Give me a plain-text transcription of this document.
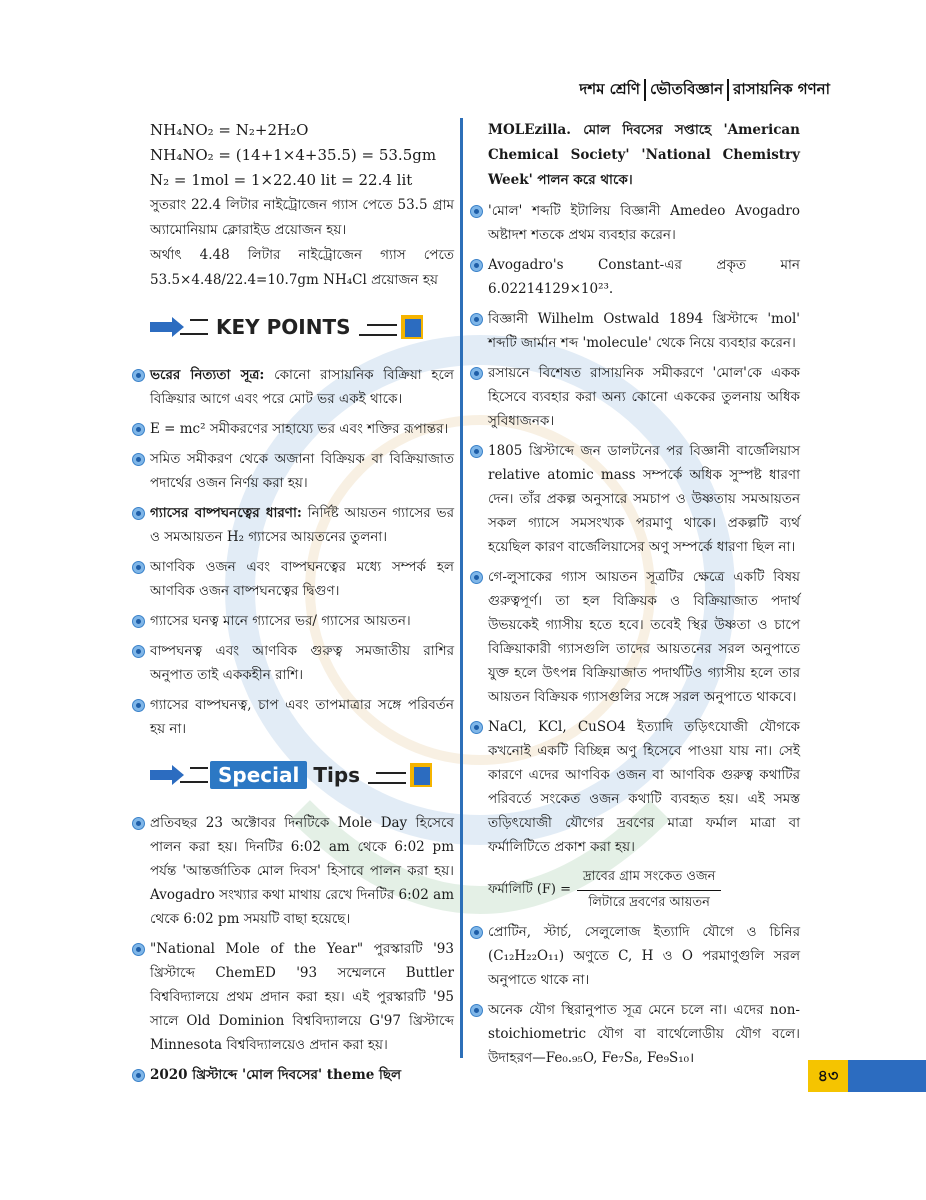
দশম শ্রেণি ভৌতবিজ্ঞান রাসায়নিক গণনা
NH₄NO₂ = N₂+2H₂O
NH₄NO₂ = (14+1×4+35.5) = 53.5gm
N₂ = 1mol = 1×22.40 lit = 22.4 lit
সুতরাং 22.4 লিটার নাইট্রোজেন গ্যাস পেতে 53.5 গ্রাম অ্যামোনিয়াম ক্লোরাইড প্রয়োজন হয়।
অর্থাৎ 4.48 লিটার নাইট্রোজেন গ্যাস পেতে 53.5×4.48/22.4=10.7gm NH₄Cl প্রয়োজন হয়
KEY POINTS
ভরের নিত্যতা সূত্র: কোনো রাসায়নিক বিক্রিয়া হলে বিক্রিয়ার আগে এবং পরে মোট ভর একই থাকে।
E = mc² সমীকরণের সাহায্যে ভর এবং শক্তির রূপান্তর।
সমিত সমীকরণ থেকে অজানা বিক্রিয়ক বা বিক্রিয়াজাত পদার্থের ওজন নির্ণয় করা হয়।
গ্যাসের বাষ্পঘনত্বের ধারণা: নির্দিষ্ট আয়তন গ্যাসের ভর ও সমআয়তন H₂ গ্যাসের আয়তনের তুলনা।
আণবিক ওজন এবং বাষ্পঘনত্বের মধ্যে সম্পর্ক হল আণবিক ওজন বাষ্পঘনত্বের দ্বিগুণ।
গ্যাসের ঘনত্ব মানে গ্যাসের ভর/ গ্যাসের আয়তন।
বাষ্পঘনত্ব এবং আণবিক গুরুত্ব সমজাতীয় রাশির অনুপাত তাই এককহীন রাশি।
গ্যাসের বাষ্পঘনত্ব, চাপ এবং তাপমাত্রার সঙ্গে পরিবর্তন হয় না।
Special Tips
প্রতিবছর 23 অক্টোবর দিনটিকে Mole Day হিসেবে পালন করা হয়। দিনটির 6:02 am থেকে 6:02 pm পর্যন্ত 'আন্তর্জাতিক মোল দিবস' হিসাবে পালন করা হয়। Avogadro সংখ্যার কথা মাথায় রেখে দিনটির 6:02 am থেকে 6:02 pm সময়টি বাছা হয়েছে।
"National Mole of the Year" পুরস্কারটি '93 খ্রিস্টাব্দে ChemED '93 সম্মেলনে Buttler বিশ্ববিদ্যালয়ে প্রথম প্রদান করা হয়। এই পুরস্কারটি '95 সালে Old Dominion বিশ্ববিদ্যালয়ে G'97 খ্রিস্টাব্দে Minnesota বিশ্ববিদ্যালয়েও প্রদান করা হয়।
2020 খ্রিস্টাব্দে 'মোল দিবসের' theme ছিল
MOLEzilla. মোল দিবসের সপ্তাহে 'American Chemical Society' 'National Chemistry Week' পালন করে থাকে।
'মোল' শব্দটি ইটালিয় বিজ্ঞানী Amedeo Avogadro অষ্টাদশ শতকে প্রথম ব্যবহার করেন।
Avogadro's Constant-এর প্রকৃত মান 6.02214129×10²³.
বিজ্ঞানী Wilhelm Ostwald 1894 খ্রিস্টাব্দে 'mol' শব্দটি জার্মান শব্দ 'molecule' থেকে নিয়ে ব্যবহার করেন।
রসায়নে বিশেষত রাসায়নিক সমীকরণে 'মোল'কে একক হিসেবে ব্যবহার করা অন্য কোনো এককের তুলনায় অধিক সুবিধাজনক।
1805 খ্রিস্টাব্দে জন ডালটনের পর বিজ্ঞানী বার্জেলিয়াস relative atomic mass সম্পর্কে অধিক সুস্পষ্ট ধারণা দেন। তাঁর প্রকল্প অনুসারে সমচাপ ও উষ্ণতায় সমআয়তন সকল গ্যাসে সমসংখ্যক পরমাণু থাকে। প্রকল্পটি ব্যর্থ হয়েছিল কারণ বার্জেলিয়াসের অণু সম্পর্কে ধারণা ছিল না।
গে-লুসাকের গ্যাস আয়তন সূত্রটির ক্ষেত্রে একটি বিষয় গুরুত্বপূর্ণ। তা হল বিক্রিয়ক ও বিক্রিয়াজাত পদার্থ উভয়কেই গ্যাসীয় হতে হবে। তবেই স্থির উষ্ণতা ও চাপে বিক্রিয়াকারী গ্যাসগুলি তাদের আয়তনের সরল অনুপাতে যুক্ত হলে উৎপন্ন বিক্রিয়াজাত পদার্থটিও গ্যাসীয় হলে তার আয়তন বিক্রিয়ক গ্যাসগুলির সঙ্গে সরল অনুপাতে থাকবে।
NaCl, KCl, CuSO4 ইত্যাদি তড়িৎযোজী যৌগকে কখনোই একটি বিচ্ছিন্ন অণু হিসেবে পাওয়া যায় না। সেই কারণে এদের আণবিক ওজন বা আণবিক গুরুত্ব কথাটির পরিবর্তে সংকেত ওজন কথাটি ব্যবহৃত হয়। এই সমস্ত তড়িৎযোজী যৌগের দ্রবণের মাত্রা ফর্মাল মাত্রা বা ফর্মালিটিতে প্রকাশ করা হয়।
ফর্মালিটি $(F) = \frac{\text{দ্রাবের গ্রাম সংকেত ওজন}}{\text{লিটারে দ্রবণের আয়তন}}$
প্রোটিন, স্টার্চ, সেলুলোজ ইত্যাদি যৌগে ও চিনির (C₁₂H₂₂O₁₁) অণুতে C, H ও O পরমাণুগুলি সরল অনুপাতে থাকে না।
অনেক যৌগ স্থিরানুপাত সূত্র মেনে চলে না। এদের non-stoichiometric যৌগ বা বার্থেলোডীয় যৌগ বলে। উদাহরণ—Fe₀.₉₅O, Fe₇S₈, Fe₉S₁₀।
৪৩
